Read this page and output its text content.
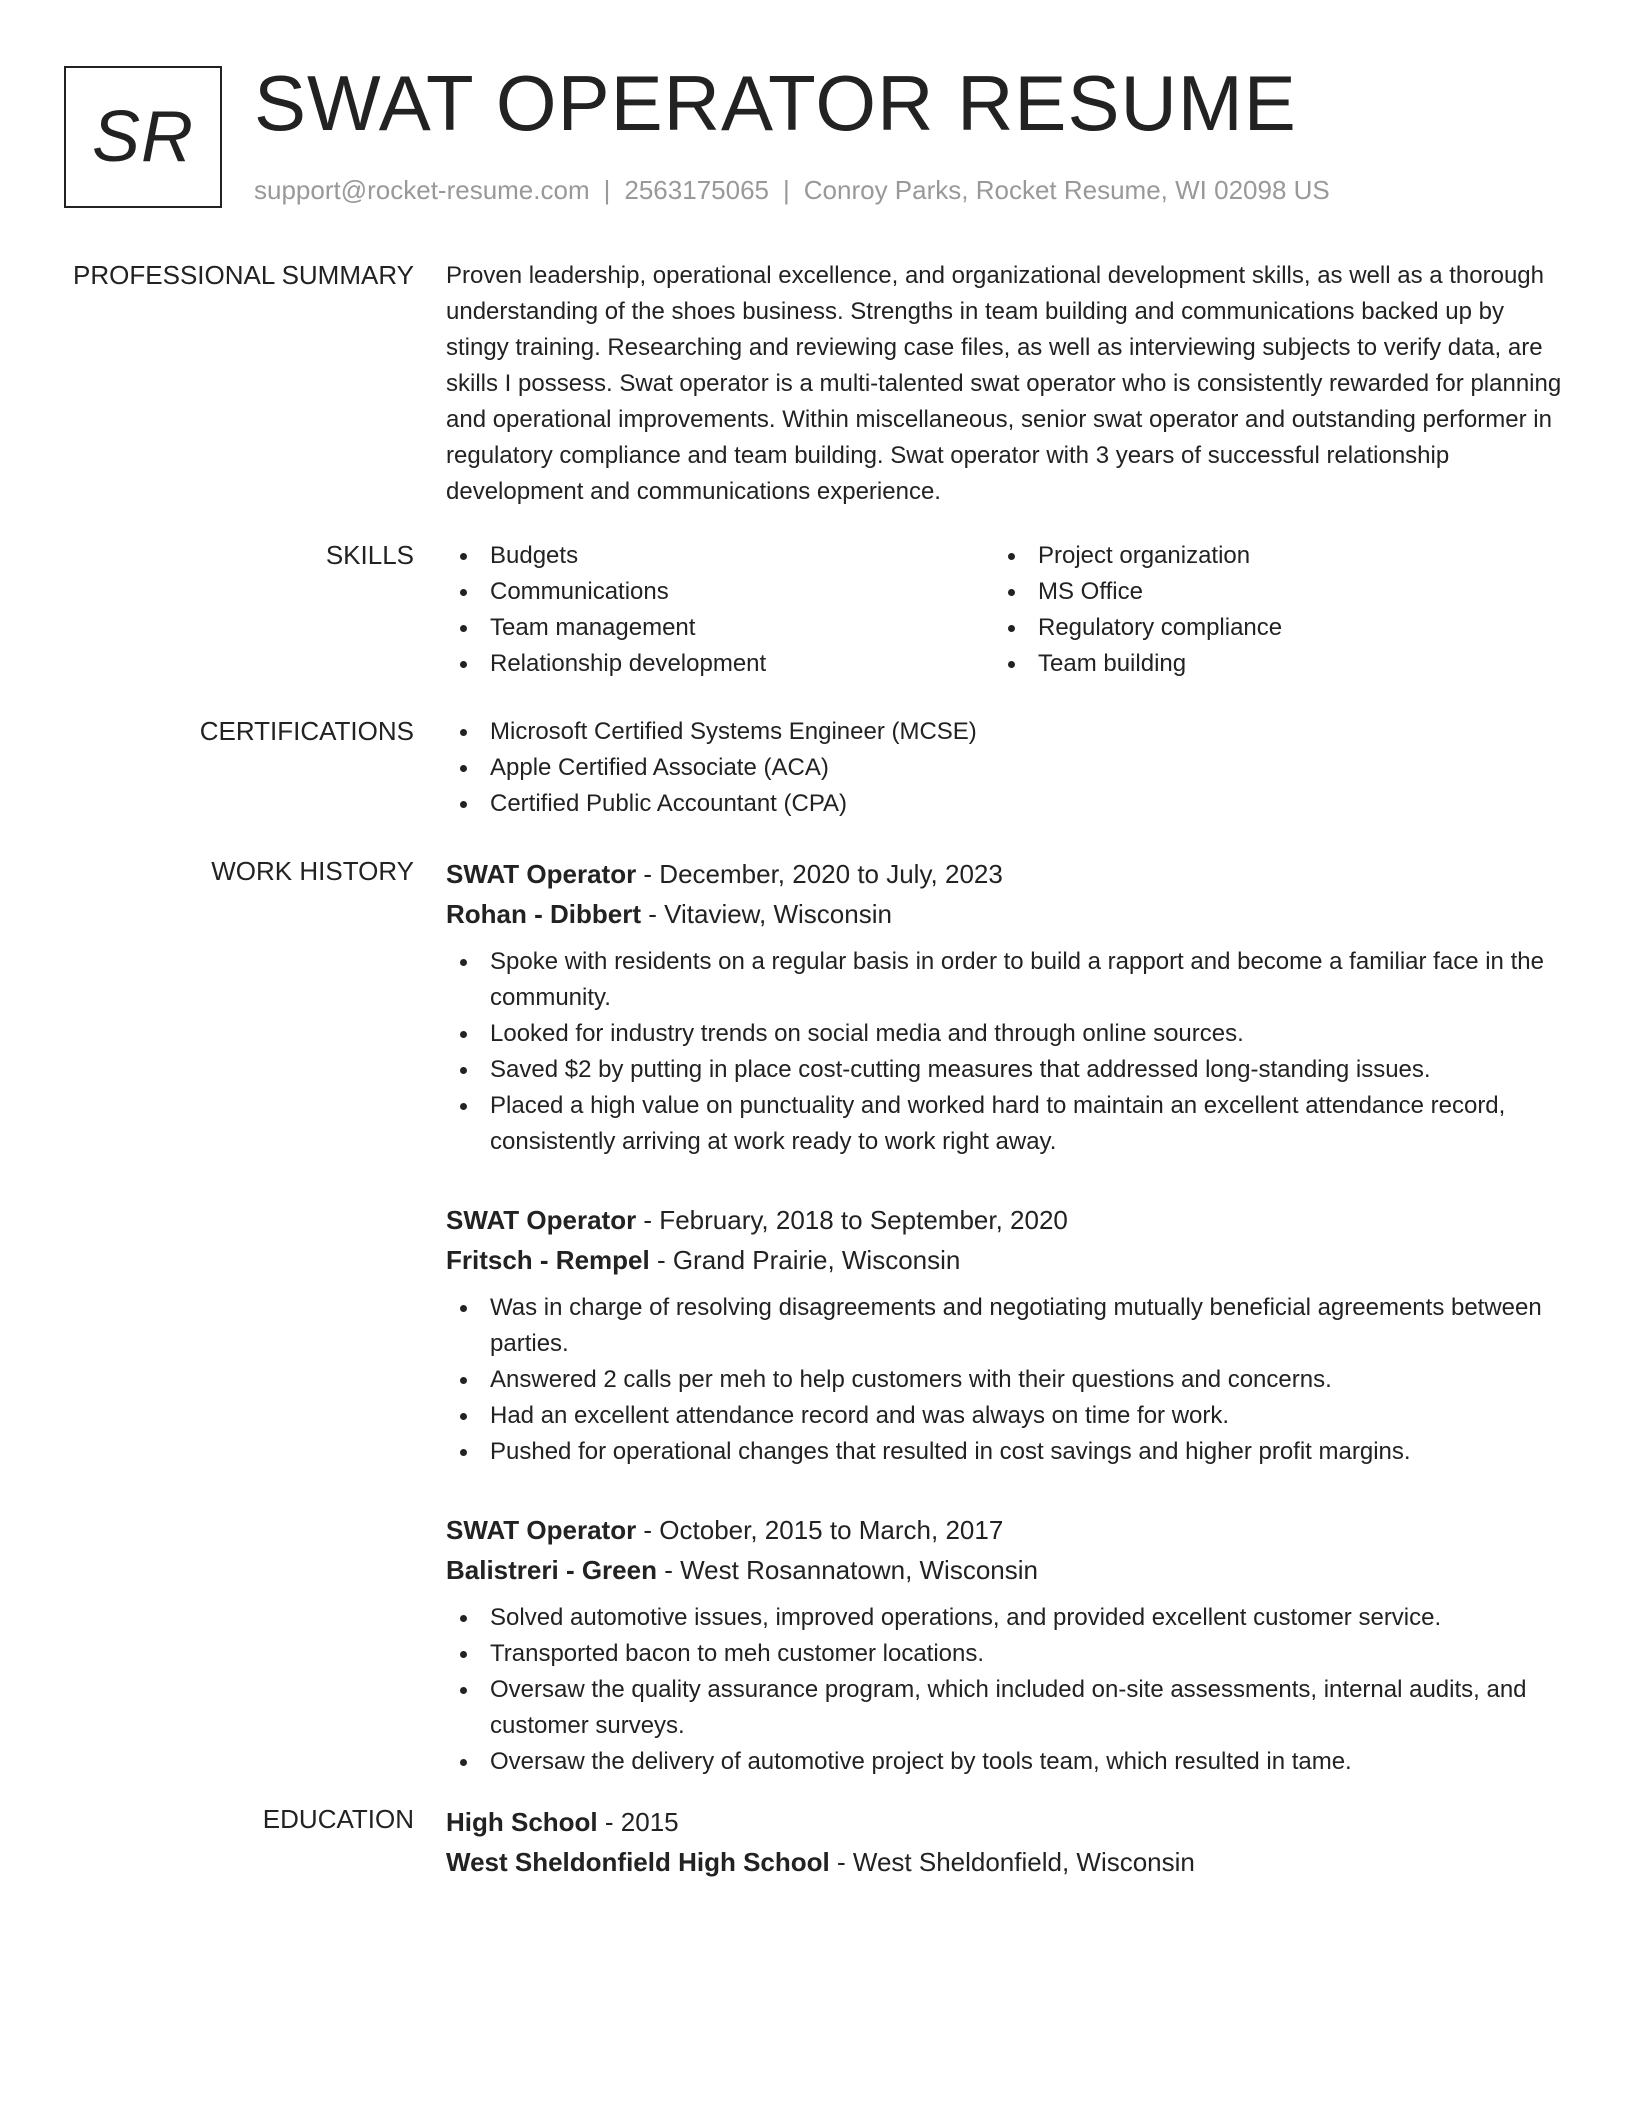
SR SWAT OPERATOR RESUME
support@rocket-resume.com | 2563175065 | Conroy Parks, Rocket Resume, WI 02098 US
PROFESSIONAL SUMMARY Proven leadership, operational excellence, and organizational development skills, as well as a thorough understanding of the shoes business. Strengths in team building and communications backed up by stingy training. Researching and reviewing case files, as well as interviewing subjects to verify data, are skills I possess. Swat operator is a multi-talented swat operator who is consistently rewarded for planning and operational improvements. Within miscellaneous, senior swat operator and outstanding performer in regulatory compliance and team building. Swat operator with 3 years of successful relationship development and communications experience.

SKILLS	Budgets
Communications
Team management
Relationship development
Project organization
MS Office
Regulatory compliance
Team building
CERTIFICATIONS	Microsoft Certified Systems Engineer (MCSE)
Apple Certified Associate (ACA)
Certified Public Accountant (CPA)
WORK HISTORY SWAT Operator - December, 2020 to July, 2023
Rohan - Dibbert - Vitaview, Wisconsin
Spoke with residents on a regular basis in order to build a rapport and become a familiar face in the community.
Looked for industry trends on social media and through online sources.
Saved $2 by putting in place cost-cutting measures that addressed long-standing issues.
Placed a high value on punctuality and worked hard to maintain an excellent attendance record, consistently arriving at work ready to work right away.
SWAT Operator - February, 2018 to September, 2020
Fritsch - Rempel - Grand Prairie, Wisconsin
Was in charge of resolving disagreements and negotiating mutually beneficial agreements between parties.
Answered 2 calls per meh to help customers with their questions and concerns.
Had an excellent attendance record and was always on time for work.
Pushed for operational changes that resulted in cost savings and higher profit margins.
SWAT Operator - October, 2015 to March, 2017
Balistreri - Green - West Rosannatown, Wisconsin
Solved automotive issues, improved operations, and provided excellent customer service.
Transported bacon to meh customer locations.
Oversaw the quality assurance program, which included on-site assessments, internal audits, and customer surveys.
Oversaw the delivery of automotive project by tools team, which resulted in tame.
EDUCATION High School - 2015
West Sheldonfield High School - West Sheldonfield, Wisconsin
